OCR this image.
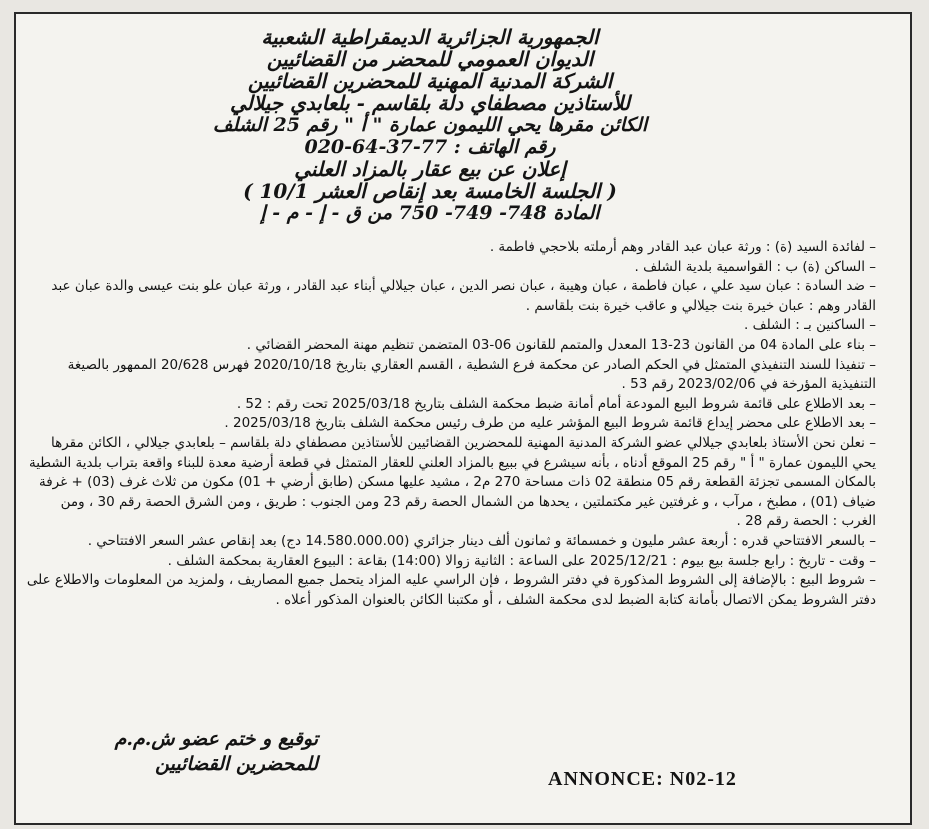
الجمهورية الجزائرية الديمقراطية الشعبية

الديوان العمومي للمحضر من القضائيين

الشركة المدنية المهنية للمحضرين القضائيين

للأستاذين مصطفاي دلة بلقاسم - بلعابدي جيلالي

الكائن مقرها يحي الليمون عمارة " أ " رقم 25 الشلف

رقم الهاتف : 77-37-64-020

إعلان عن بيع عقار بالمزاد العلني

( الجلسة الخامسة بعد إنقاص العشر 10/1 )

المادة 748- 749- 750 من ق - إ - م - إ

– لفائدة السيد (ة) : ورثة عبان عبد القادر وهم أرملته بلاحجي فاطمة .

– الساكن (ة) ب : القواسمية بلدية الشلف .

– ضد السادة : عبان سيد علي ، عبان فاطمة ، عبان وهيبة ، عبان نصر الدين ، عبان جيلالي أبناء عبد القادر ، ورثة عبان علو بنت عيسى والدة عبان عبد القادر وهم : عبان خيرة بنت جيلالي و عاقب خيرة بنت بلقاسم .

– الساكنين بـ : الشلف .

– بناء على المادة 04 من القانون 23-13 المعدل والمتمم للقانون 06-03 المتضمن تنظيم مهنة المحضر القضائي .

– تنفيذا للسند التنفيذي المتمثل في الحكم الصادر عن محكمة فرع الشطية ، القسم العقاري بتاريخ 2020/10/18 فهرس 20/628 الممهور بالصيغة التنفيذية المؤرخة في 2023/02/06 رقم 53 .

– بعد الاطلاع على قائمة شروط البيع المودعة أمام أمانة ضبط محكمة الشلف بتاريخ 2025/03/18 تحت رقم : 52 .

– بعد الاطلاع على محضر إيداع قائمة شروط البيع المؤشر عليه من طرف رئيس محكمة الشلف بتاريخ 2025/03/18 .

– نعلن نحن الأستاذ بلعابدي جيلالي عضو الشركة المدنية المهنية للمحضرين القضائيين للأستاذين مصطفاي دلة بلقاسم – بلعابدي جيلالي ، الكائن مقرها يحي الليمون عمارة " أ " رقم 25 الموقع أدناه ، بأنه سيشرع في ببيع بالمزاد العلني للعقار المتمثل في قطعة أرضية معدة للبناء واقعة بتراب بلدية الشطية بالمكان المسمى تجزئة القطعة رقم 05 منطقة 02 ذات مساحة 270 م2 ، مشيد عليها مسكن (طابق أرضي + 01) مكون من ثلاث غرف (03) + غرفة ضياف (01) ، مطبخ ، مرآب ، و غرفتين غير مكتملتين ، يحدها من الشمال الحصة رقم 23 ومن الجنوب : طريق ، ومن الشرق الحصة رقم 30 ، ومن الغرب : الحصة رقم 28 .

– بالسعر الافتتاحي قدره : أربعة عشر مليون و خمسمائة و ثمانون ألف دينار جزائري (14.580.000.00 دج) بعد إنقاص عشر السعر الافتتاحي .

– وقت - تاريخ : رابع جلسة بيع بيوم : 2025/12/21 على الساعة : الثانية زوالا (14:00) بقاعة : البيوع العقارية بمحكمة الشلف .

– شروط البيع : بالإضافة إلى الشروط المذكورة في دفتر الشروط ، فإن الراسي عليه المزاد يتحمل جميع المصاريف ، ولمزيد من المعلومات والاطلاع على دفتر الشروط يمكن الاتصال بأمانة كتابة الضبط لدى محكمة الشلف ، أو مكتبنا الكائن بالعنوان المذكور أعلاه .

توقيع و ختم عضو ش.م.م
للمحضرين القضائيين
ANNONCE: N02-12
